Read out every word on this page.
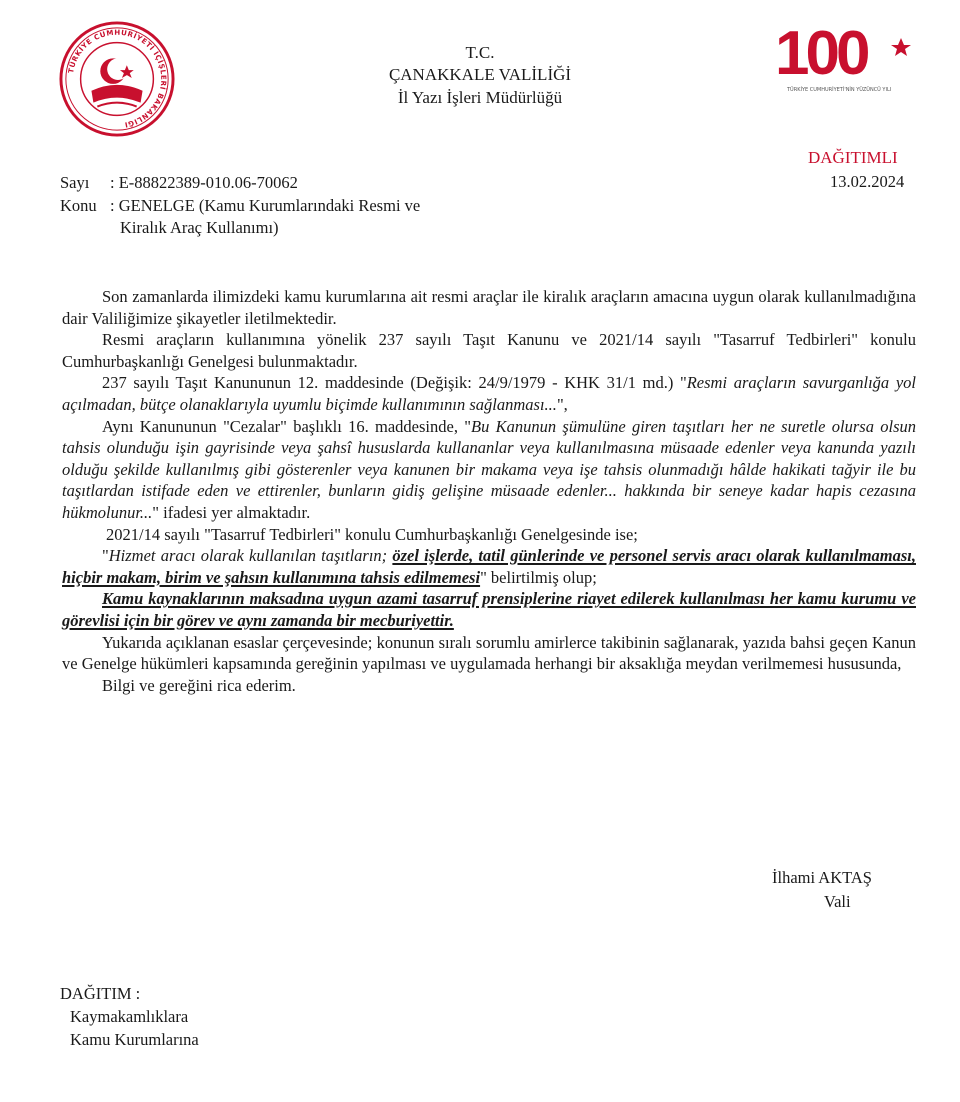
TÜRKİYE CUMHURİYETİ İÇİŞLERİ BAKANLIĞI
100
TÜRKİYE CUMHURİYETİ'NİN YÜZÜNCÜ YILI
T.C.
ÇANAKKALE VALİLİĞİ
İl Yazı İşleri Müdürlüğü
DAĞITIMLI
13.02.2024
Sayı : E-88822389-010.06-70062
Konu : GENELGE (Kamu Kurumlarındaki Resmi ve
Kiralık Araç Kullanımı)

Son zamanlarda ilimizdeki kamu kurumlarına ait resmi araçlar ile kiralık araçların amacına uygun olarak kullanılmadığına dair Valiliğimize şikayetler iletilmektedir.

Resmi araçların kullanımına yönelik 237 sayılı Taşıt Kanunu ve 2021/14 sayılı "Tasarruf Tedbirleri" konulu Cumhurbaşkanlığı Genelgesi bulunmaktadır.

237 sayılı Taşıt Kanununun 12. maddesinde (Değişik: 24/9/1979 - KHK 31/1 md.) "Resmi araçların savurganlığa yol açılmadan, bütçe olanaklarıyla uyumlu biçimde kullanımının sağlanması...",

Aynı Kanununun "Cezalar" başlıklı 16. maddesinde, "Bu Kanunun şümulüne giren taşıtları her ne suretle olursa olsun tahsis olunduğu işin gayrisinde veya şahsî hususlarda kullananlar veya kullanılmasına müsaade edenler veya kanunda yazılı olduğu şekilde kullanılmış gibi gösterenler veya kanunen bir makama veya işe tahsis olunmadığı hâlde hakikati tağyir ile bu taşıtlardan istifade eden ve ettirenler, bunların gidiş gelişine müsaade edenler... hakkında bir seneye kadar hapis cezasına hükmolunur..." ifadesi yer almaktadır.

2021/14 sayılı "Tasarruf Tedbirleri" konulu Cumhurbaşkanlığı Genelgesinde ise;

"Hizmet aracı olarak kullanılan taşıtların; özel işlerde, tatil günlerinde ve personel servis aracı olarak kullanılmaması, hiçbir makam, birim ve şahsın kullanımına tahsis edilmemesi" belirtilmiş olup;

Kamu kaynaklarının maksadına uygun azami tasarruf prensiplerine riayet edilerek kullanılması her kamu kurumu ve görevlisi için bir görev ve aynı zamanda bir mecburiyettir.

Yukarıda açıklanan esaslar çerçevesinde; konunun sıralı sorumlu amirlerce takibinin sağlanarak, yazıda bahsi geçen Kanun ve Genelge hükümleri kapsamında gereğinin yapılması ve uygulamada herhangi bir aksaklığa meydan verilmemesi hususunda,

Bilgi ve gereğini rica ederim.

İlhami AKTAŞ
Vali
DAĞITIM :
Kaymakamlıklara
Kamu Kurumlarına
